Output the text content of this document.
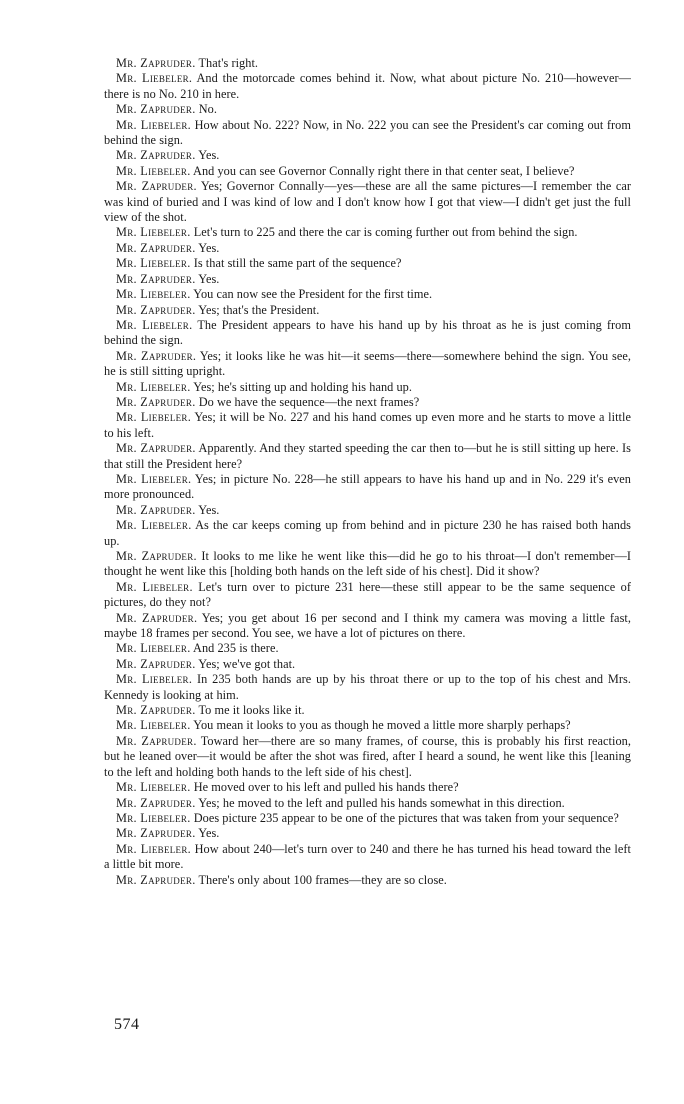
Mr. Zapruder. That's right.

Mr. Liebeler. And the motorcade comes behind it. Now, what about picture No. 210—however—there is no No. 210 in here.

Mr. Zapruder. No.

Mr. Liebeler. How about No. 222? Now, in No. 222 you can see the President's car coming out from behind the sign.

Mr. Zapruder. Yes.

Mr. Liebeler. And you can see Governor Connally right there in that center seat, I believe?

Mr. Zapruder. Yes; Governor Connally—yes—these are all the same pictures—I remember the car was kind of buried and I was kind of low and I don't know how I got that view—I didn't get just the full view of the shot.

Mr. Liebeler. Let's turn to 225 and there the car is coming further out from behind the sign.

Mr. Zapruder. Yes.

Mr. Liebeler. Is that still the same part of the sequence?

Mr. Zapruder. Yes.

Mr. Liebeler. You can now see the President for the first time.

Mr. Zapruder. Yes; that's the President.

Mr. Liebeler. The President appears to have his hand up by his throat as he is just coming from behind the sign.

Mr. Zapruder. Yes; it looks like he was hit—it seems—there—somewhere behind the sign. You see, he is still sitting upright.

Mr. Liebeler. Yes; he's sitting up and holding his hand up.

Mr. Zapruder. Do we have the sequence—the next frames?

Mr. Liebeler. Yes; it will be No. 227 and his hand comes up even more and he starts to move a little to his left.

Mr. Zapruder. Apparently. And they started speeding the car then to—but he is still sitting up here. Is that still the President here?

Mr. Liebeler. Yes; in picture No. 228—he still appears to have his hand up and in No. 229 it's even more pronounced.

Mr. Zapruder. Yes.

Mr. Liebeler. As the car keeps coming up from behind and in picture 230 he has raised both hands up.

Mr. Zapruder. It looks to me like he went like this—did he go to his throat—I don't remember—I thought he went like this [holding both hands on the left side of his chest]. Did it show?

Mr. Liebeler. Let's turn over to picture 231 here—these still appear to be the same sequence of pictures, do they not?

Mr. Zapruder. Yes; you get about 16 per second and I think my camera was moving a little fast, maybe 18 frames per second. You see, we have a lot of pictures on there.

Mr. Liebeler. And 235 is there.

Mr. Zapruder. Yes; we've got that.

Mr. Liebeler. In 235 both hands are up by his throat there or up to the top of his chest and Mrs. Kennedy is looking at him.

Mr. Zapruder. To me it looks like it.

Mr. Liebeler. You mean it looks to you as though he moved a little more sharply perhaps?

Mr. Zapruder. Toward her—there are so many frames, of course, this is probably his first reaction, but he leaned over—it would be after the shot was fired, after I heard a sound, he went like this [leaning to the left and holding both hands to the left side of his chest].

Mr. Liebeler. He moved over to his left and pulled his hands there?

Mr. Zapruder. Yes; he moved to the left and pulled his hands somewhat in this direction.

Mr. Liebeler. Does picture 235 appear to be one of the pictures that was taken from your sequence?

Mr. Zapruder. Yes.

Mr. Liebeler. How about 240—let's turn over to 240 and there he has turned his head toward the left a little bit more.

Mr. Zapruder. There's only about 100 frames—they are so close.

574
